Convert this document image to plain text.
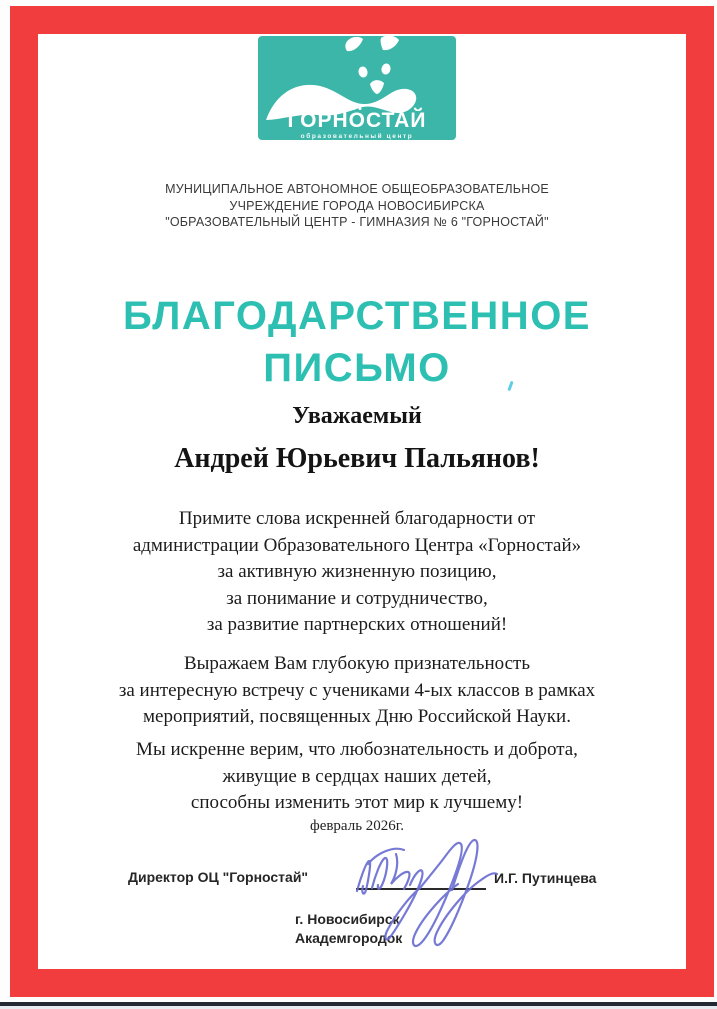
ГОРНОСТАЙ
образовательный центр
МУНИЦИПАЛЬНОЕ АВТОНОМНОЕ ОБЩЕОБРАЗОВАТЕЛЬНОЕ
УЧРЕЖДЕНИЕ ГОРОДА НОВОСИБИРСКА
"ОБРАЗОВАТЕЛЬНЫЙ ЦЕНТР - ГИМНАЗИЯ № 6 "ГОРНОСТАЙ"
БЛАГОДАРСТВЕННОЕ
ПИСЬМО
Уважаемый
Андрей Юрьевич Пальянов!
Примите слова искренней благодарности от
администрации Образовательного Центра «Горностай»
за активную жизненную позицию,
за понимание и сотрудничество,
за развитие партнерских отношений!
Выражаем Вам глубокую признательность
за интересную встречу с учениками 4-ых классов в рамках
мероприятий, посвященных Дню Российской Науки.
Мы искренне верим, что любознательность и доброта,
живущие в сердцах наших детей,
способны изменить этот мир к лучшему!
февраль 2026г.
Директор ОЦ "Горностай"	И.Г. Путинцева
г. Новосибирск
Академгородок
